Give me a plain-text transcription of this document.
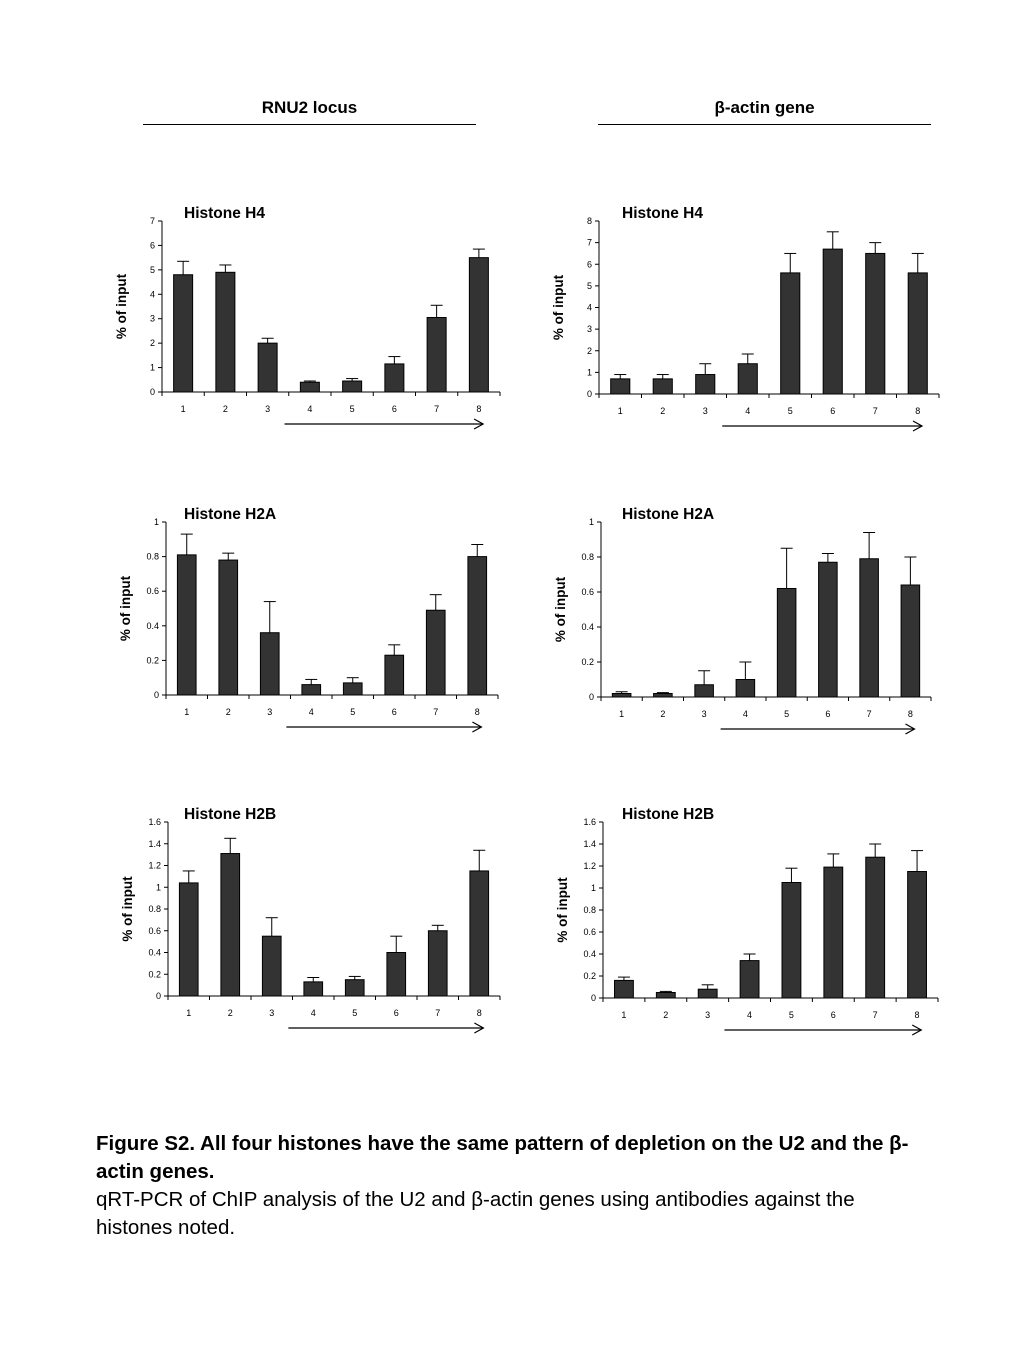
RNU2 locus	β-actin gene
Histone H4
% of input
0
1
2
3
4
5
6
7
1	2	3	4	5	6	7	8
Histone H4
% of input
0
1
2
3
4
5
6
7
8
1	2	3	4	5	6	7	8
Histone H2A
% of input
0
0.2
0.4
0.6
0.8
1
1	2	3	4	5	6	7	8
Histone H2A
% of input
0
0.2
0.4
0.6
0.8
1
1	2	3	4	5	6	7	8
Histone H2B
% of input
0
0.2
0.4
0.6
0.8
1
1.2
1.4
1.6
1	2	3	4	5	6	7	8
Histone H2B
% of input
0
0.2
0.4
0.6
0.8
1
1.2
1.4
1.6
1	2	3	4	5	6	7	8
Figure S2. All four histones have the same pattern of depletion on the U2 and the β-actin genes.
qRT-PCR of ChIP analysis of the U2 and β-actin genes using antibodies against the histones noted.
